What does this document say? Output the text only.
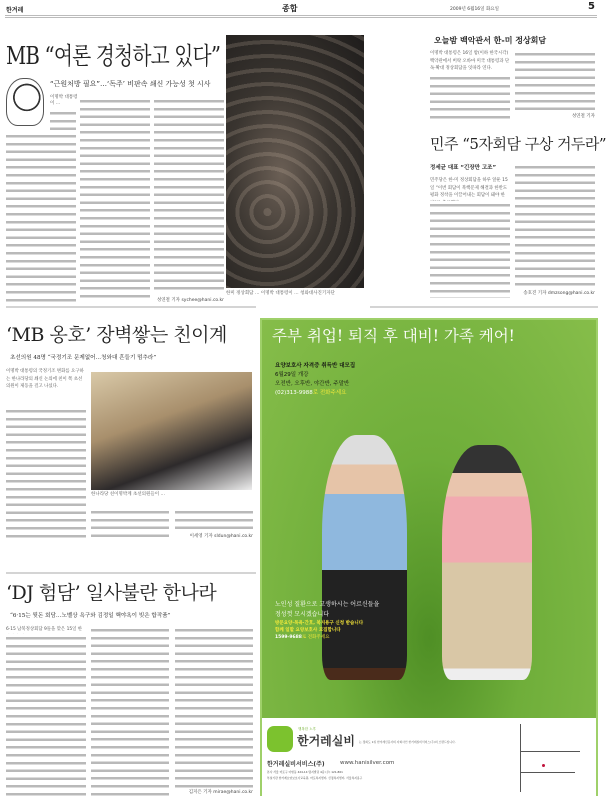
한겨레	종합	2009년 6월16일 화요일	5
MB “여론 경청하고 있다”
“근원처방 필요”…‘독주’ 비판속 쇄신 가능성 첫 시사
이명박 대통령이 …
성연철 기자 sychee@hani.co.kr
한미 정상회담 … 이명박 대통령이 … 청와대사진기자단
오늘밤 백악관서 한-미 정상회담
이명박 대통령은 16일 밤(이하 한국시각) 백악관에서 버락 오바마 미국 대통령과 단독·확대 정상회담을 잇따라 연다.
성연철 기자
민주 “5자회담 구상 거두라”
정세균 대표 “긴장만 고조”
민주당은 한-미 정상회담을 하루 앞둔 15일 “이번 회담이 북핵문제 해결과 한반도 평화 정착을 이끌어내는 회담이 돼야 한
송호진 기자 dmzsong@hani.co.kr
‘MB 옹호’ 장벽쌓는 친이계
초선의원 48명 “국정기조 문제없어…청와대 흔들기 멈추라”
이명박 대통령의 국정기조 변화를 요구하는 한나라당의 쇄신 논의에 친이 쪽 초선 의원이 제동을 걸고 나섰다.
한나라당 친이명박계 초선의원들이 …
이세영 기자 sldun@hani.co.kr
‘DJ 험담’ 일사불란 한나라
“6·15는 뒷돈 회담…노벨상 욕구와 김정일 핵야욕이 빚은 합작품”
6·15 남북정상회담 9돌을 맞은 15일 한
김지은 기자 mirae@hani.co.kr
주부 취업! 퇴직 후 대비! 가족 케어!
요양보호사 자격증 취득반 대모집
6월29일 개강
오전반, 오후반, 야간반, 주말반
(02)313-9988로 전화주세요
노인성 질환으로 고생하시는 어르신들을
정성껏 모시겠습니다
방문요양·목욕·간호, 복지용구 신청 받습니다
함께 일할 요양보호사 모집합니다
1599-9688로 전화주세요
행복한 노후
한거레실비 는 정회도 1위 한겨레신문사의 자회사인 한거레실비서비스(주)의 브랜드입니다.
한거레실비서비스(주)	www.hanisilver.com
본사 서울 마포구 아현동 424-14 명지빌딩 4층 (우) 121-861
부설기관 한거레요양보호사교육원, 마포복지센터, 신정복지센터, 서울복지용구
